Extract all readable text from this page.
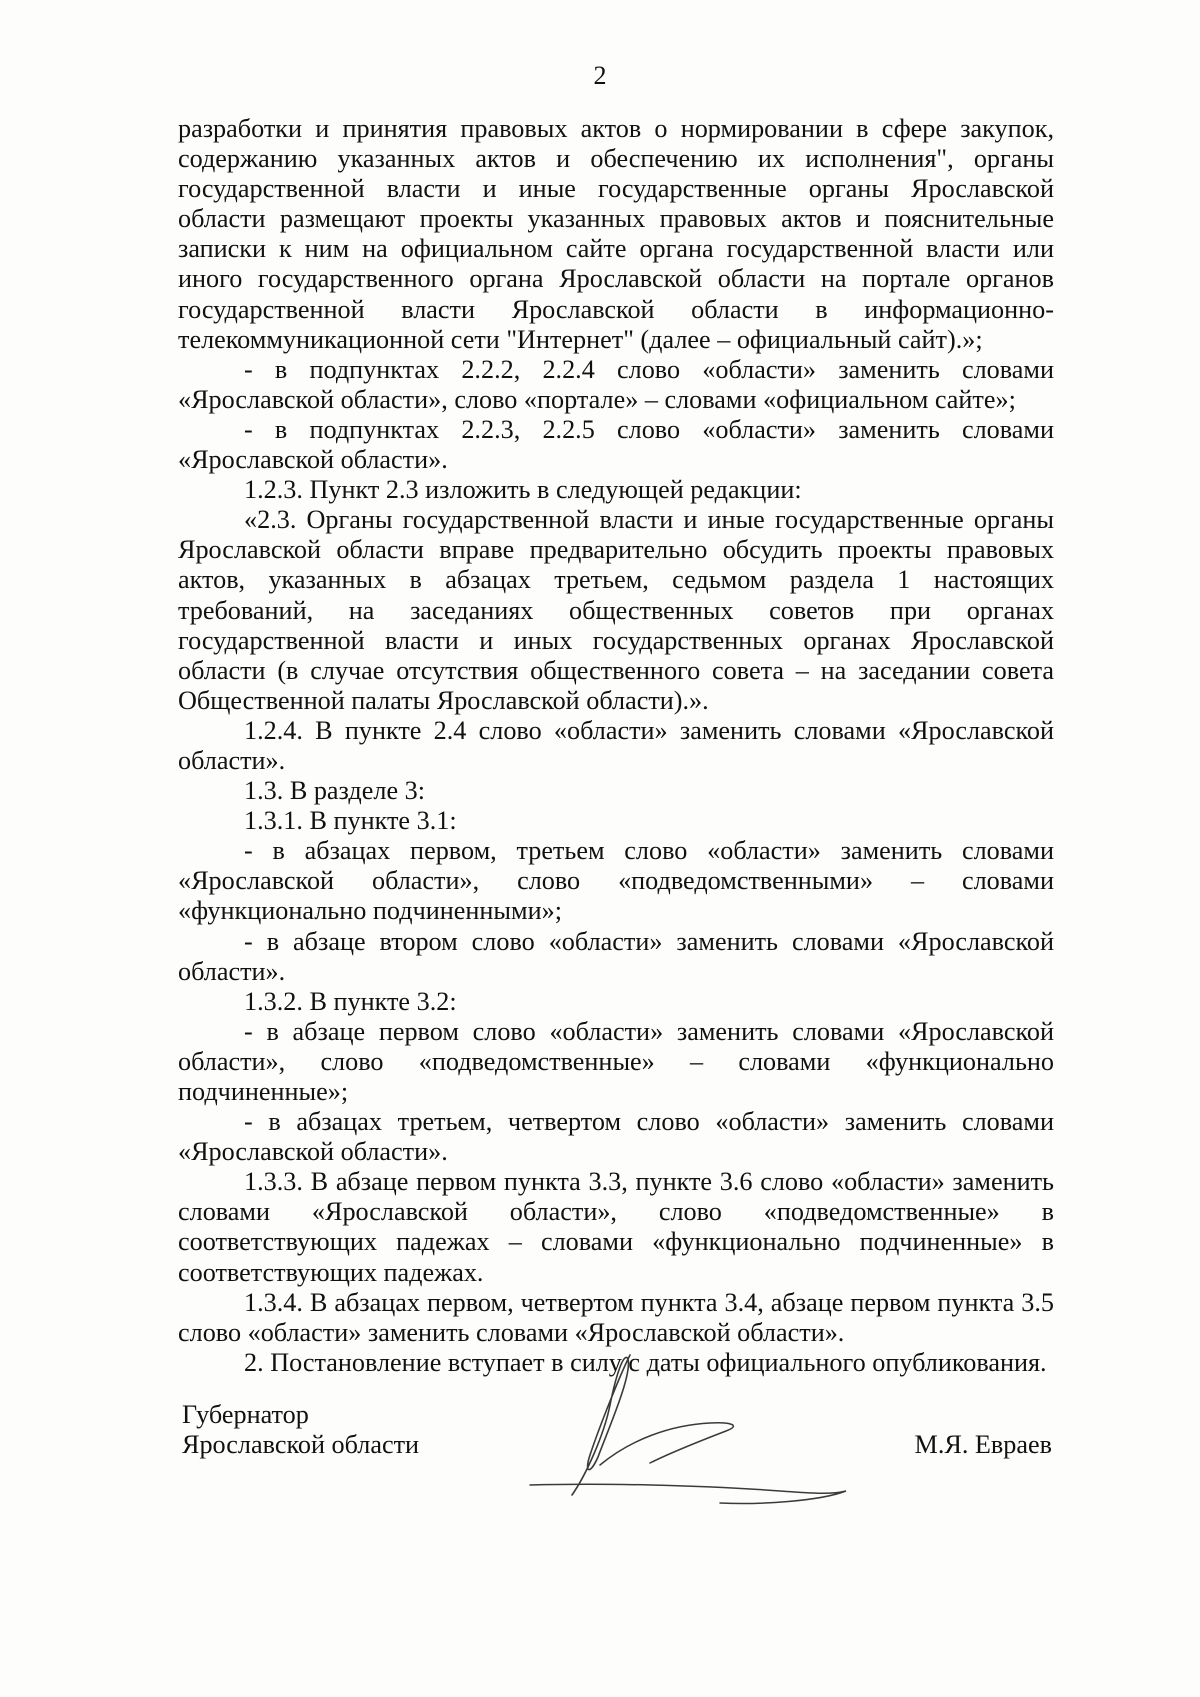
2

разработки и принятия правовых актов о нормировании в сфере закупок, содержанию указанных актов и обеспечению их исполнения", органы государственной власти и иные государственные органы Ярославской области размещают проекты указанных правовых актов и пояснительные записки к ним на официальном сайте органа государственной власти или иного государственного органа Ярославской области на портале органов государственной власти Ярославской области в информационно-телекоммуникационной сети "Интернет" (далее – официальный сайт).»;

- в подпунктах 2.2.2, 2.2.4 слово «области» заменить словами «Ярославской области», слово «портале» – словами «официальном сайте»;

- в подпунктах 2.2.3, 2.2.5 слово «области» заменить словами «Ярославской области».

1.2.3. Пункт 2.3 изложить в следующей редакции:

«2.3. Органы государственной власти и иные государственные органы Ярославской области вправе предварительно обсудить проекты правовых актов, указанных в абзацах третьем, седьмом раздела 1 настоящих требований, на заседаниях общественных советов при органах государственной власти и иных государственных органах Ярославской области (в случае отсутствия общественного совета – на заседании совета Общественной палаты Ярославской области).».

1.2.4. В пункте 2.4 слово «области» заменить словами «Ярославской области».

1.3. В разделе 3:

1.3.1. В пункте 3.1:

- в абзацах первом, третьем слово «области» заменить словами «Ярославской области», слово «подведомственными» – словами «функционально подчиненными»;

- в абзаце втором слово «области» заменить словами «Ярославской области».

1.3.2. В пункте 3.2:

- в абзаце первом слово «области» заменить словами «Ярославской области», слово «подведомственные» – словами «функционально подчиненные»;

- в абзацах третьем, четвертом слово «области» заменить словами «Ярославской области».

1.3.3. В абзаце первом пункта 3.3, пункте 3.6 слово «области» заменить словами «Ярославской области», слово «подведомственные» в соответствующих падежах – словами «функционально подчиненные» в соответствующих падежах.

1.3.4. В абзацах первом, четвертом пункта 3.4, абзаце первом пункта 3.5 слово «области» заменить словами «Ярославской области».

2. Постановление вступает в силу с даты официального опубликования.

Губернатор
Ярославской области	М.Я. Евраев
